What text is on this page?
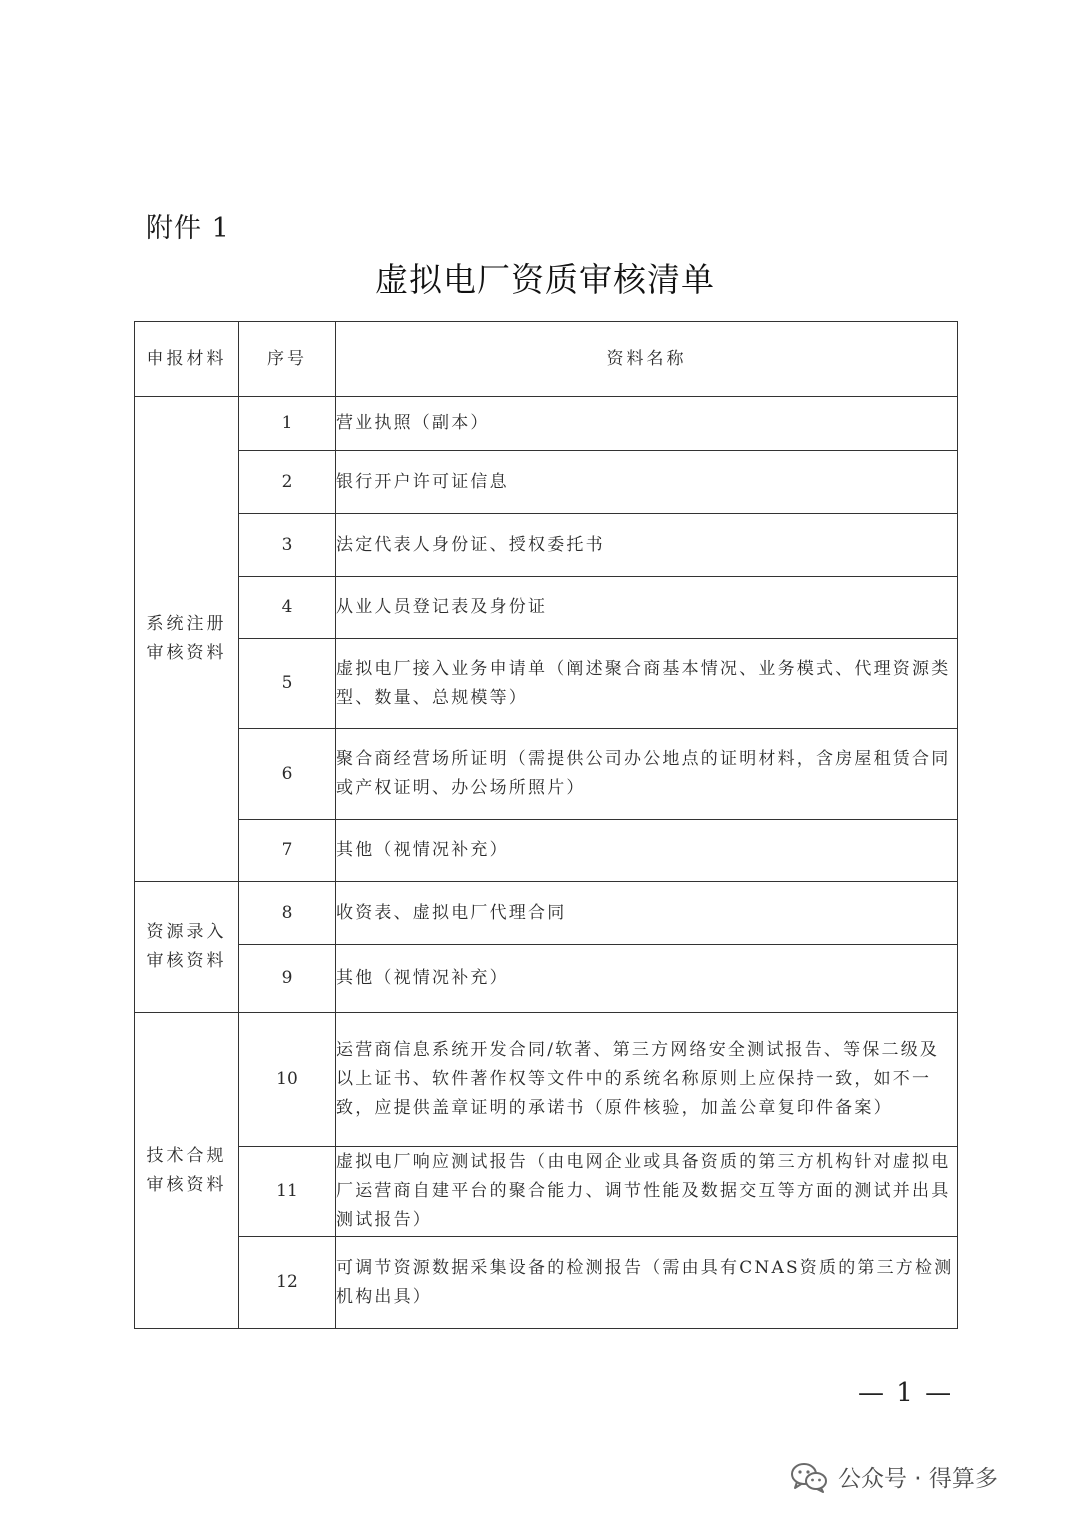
附件 1
虚拟电厂资质审核清单
申报材料	序号	资料名称
系统注册审核资料	1	营业执照（副本）
	2	银行开户许可证信息
	3	法定代表人身份证、授权委托书
	4	从业人员登记表及身份证
	5	虚拟电厂接入业务申请单（阐述聚合商基本情况、业务模式、代理资源类型、数量、总规模等）
	6	聚合商经营场所证明（需提供公司办公地点的证明材料，含房屋租赁合同或产权证明、办公场所照片）
	7	其他（视情况补充）
资源录入审核资料	8	收资表、虚拟电厂代理合同
	9	其他（视情况补充）
技术合规审核资料	10	运营商信息系统开发合同/软著、第三方网络安全测试报告、等保二级及以上证书、软件著作权等文件中的系统名称原则上应保持一致，如不一致，应提供盖章证明的承诺书（原件核验，加盖公章复印件备案）
	11	虚拟电厂响应测试报告（由电网企业或具备资质的第三方机构针对虚拟电厂运营商自建平台的聚合能力、调节性能及数据交互等方面的测试并出具测试报告）
	12	可调节资源数据采集设备的检测报告（需由具有CNAS资质的第三方检测机构出具）
— 1 —
公众号 · 得算多
